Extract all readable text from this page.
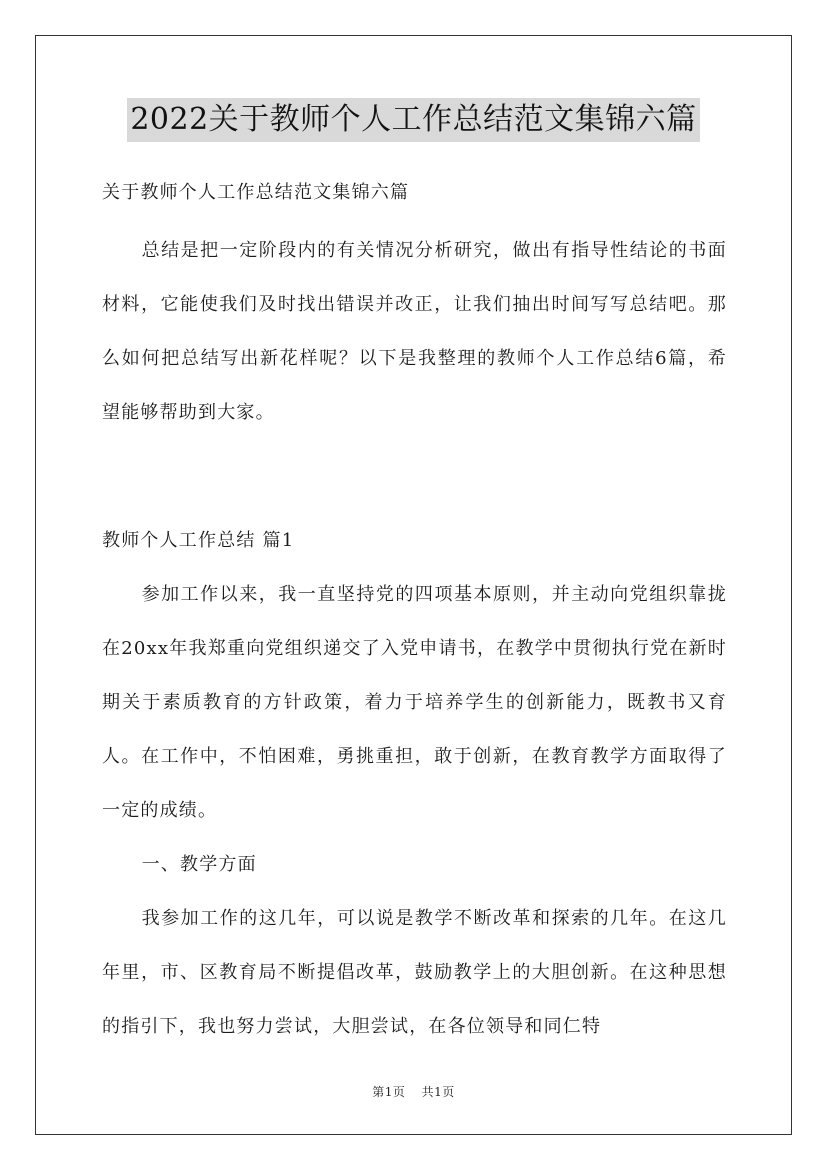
2022关于教师个人工作总结范文集锦六篇

关于教师个人工作总结范文集锦六篇

总结是把一定阶段内的有关情况分析研究，做出有指导性结论的书面材料，它能使我们及时找出错误并改正，让我们抽出时间写写总结吧。那么如何把总结写出新花样呢？以下是我整理的教师个人工作总结6篇，希望能够帮助到大家。

教师个人工作总结 篇1

参加工作以来，我一直坚持党的四项基本原则，并主动向党组织靠拢在20xx年我郑重向党组织递交了入党申请书，在教学中贯彻执行党在新时期关于素质教育的方针政策，着力于培养学生的创新能力，既教书又育人。在工作中，不怕困难，勇挑重担，敢于创新，在教育教学方面取得了一定的成绩。

一、教学方面

我参加工作的这几年，可以说是教学不断改革和探索的几年。在这几年里，市、区教育局不断提倡改革，鼓励教学上的大胆创新。在这种思想的指引下，我也努力尝试，大胆尝试，在各位领导和同仁特

第1页 共1页
